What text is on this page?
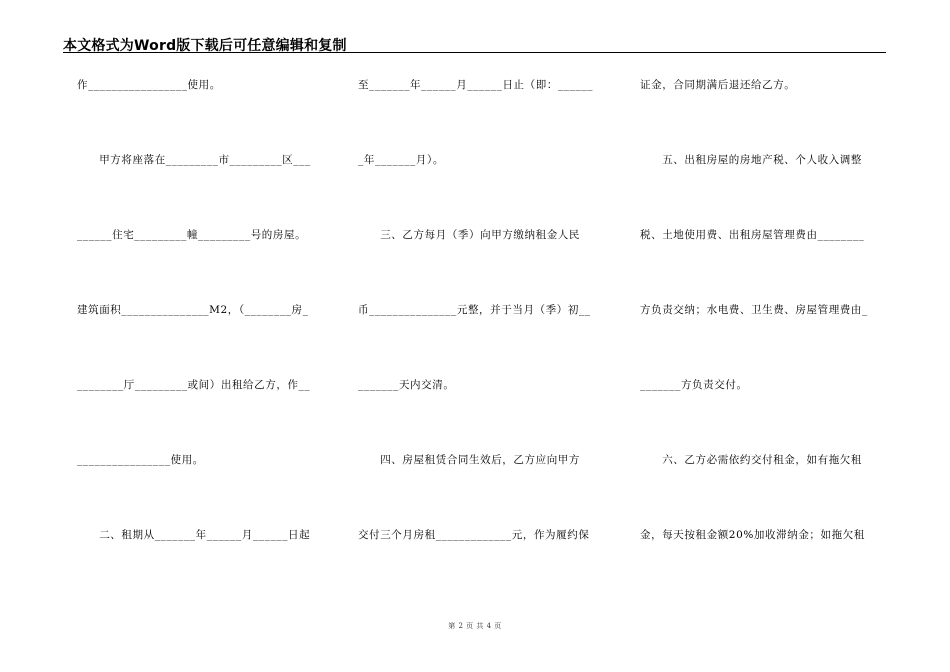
本文格式为Word版下载后可任意编辑和复制
作_________________使用。
　　甲方将座落在_________市_________区___
______住宅_________幢_________号的房屋。
建筑面积_______________M2，（________房_
________厅_________或间）出租给乙方，作__
________________使用。
　　二、租期从_______年______月______日起
至_______年______月______日止（即：______
_年_______月）。
　　三、乙方每月（季）向甲方缴纳租金人民
币_______________元整，并于当月（季）初__
_______天内交清。
　　四、房屋租赁合同生效后，乙方应向甲方
交付三个月房租_____________元，作为履约保
证金，合同期满后退还给乙方。
　　五、出租房屋的房地产税、个人收入调整
税、土地使用费、出租房屋管理费由________
方负责交纳；水电费、卫生费、房屋管理费由_
_______方负责交付。
　　六、乙方必需依约交付租金，如有拖欠租
金，每天按租金额20%加收滞纳金；如拖欠租
第 2 页 共 4 页
